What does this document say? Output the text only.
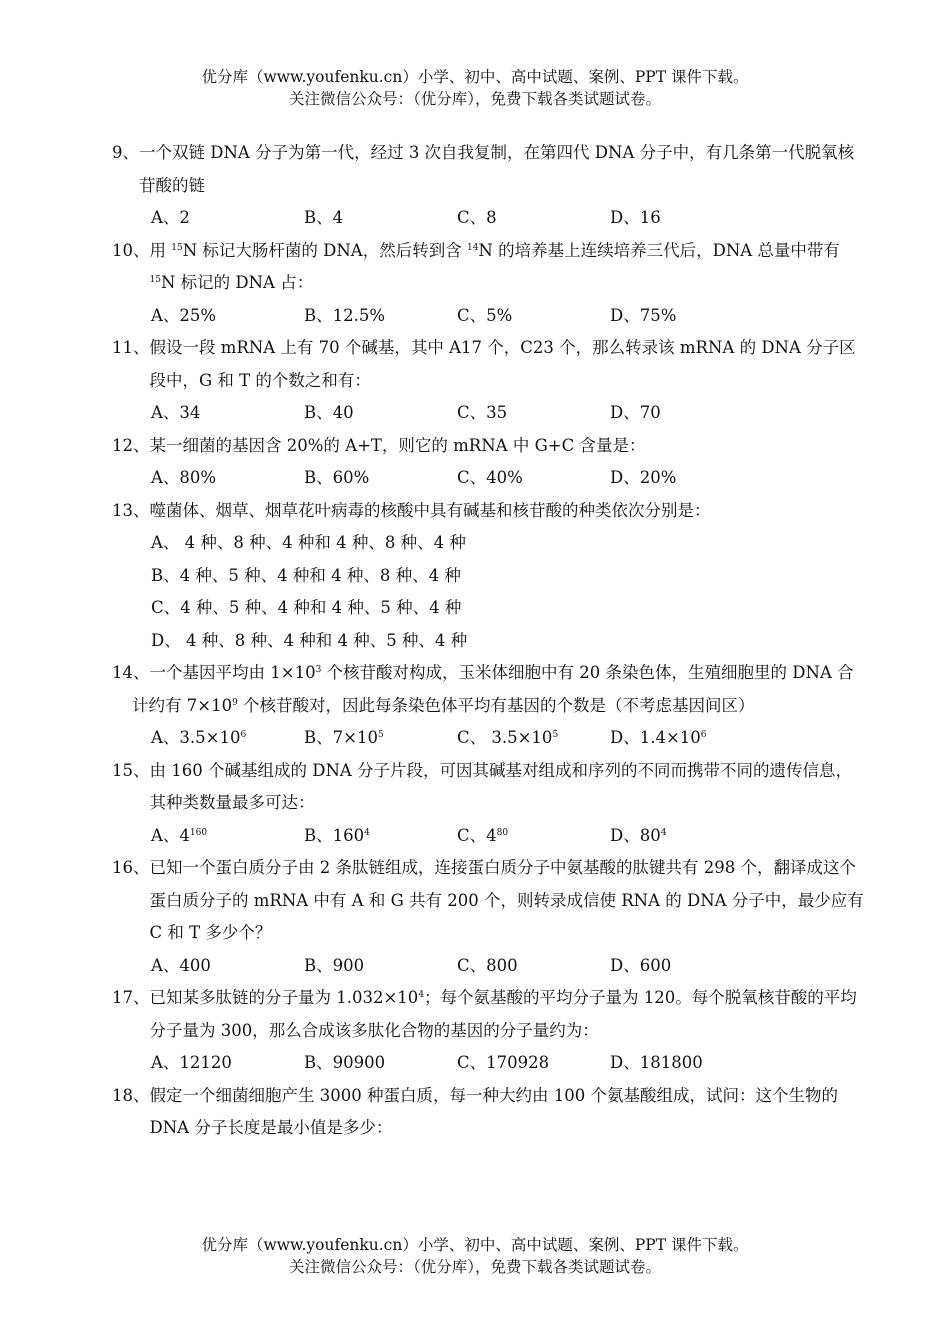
优分库（www.youfenku.cn）小学、初中、高中试题、案例、PPT 课件下载。
关注微信公众号：（优分库），免费下载各类试题试卷。
9、 一个双链 DNA 分子为第一代，经过 3 次自我复制，在第四代 DNA 分子中，有几条第一代脱氧核苷酸的链
A、2	B、4	C、8	D、16
10、 用 $^{15}$N 标记大肠杆菌的 DNA，然后转到含 $^{14}$N 的培养基上连续培养三代后，DNA 总量中带有 $^{15}$N 标记的 DNA 占：
A、25%	B、12.5%	C、5%	D、75%
11、 假设一段 mRNA 上有 70 个碱基，其中 A17 个，C23 个，那么转录该 mRNA 的 DNA 分子区段中，G 和 T 的个数之和有：
A、34	B、40	C、35	D、70
12、 某一细菌的基因含 20%的 A+T，则它的 mRNA 中 G+C 含量是：
A、80%	B、60%	C、40%	D、20%
13、 噬菌体、烟草、烟草花叶病毒的核酸中具有碱基和核苷酸的种类依次分别是：
A、 4 种、8 种、4 种和 4 种、8 种、4 种
B、4 种、5 种、4 种和 4 种、8 种、4 种
C、4 种、5 种、4 种和 4 种、5 种、4 种
D、 4 种、8 种、4 种和 4 种、5 种、4 种
14、一个基因平均由 $1\times 10^3$ 个核苷酸对构成，玉米体细胞中有 20 条染色体，生殖细胞里的 DNA 合计约有 $7\times 10^9$ 个核苷酸对，因此每条染色体平均有基因的个数是（不考虑基因间区）
A、$3.5\times 10^6$	B、$7\times 10^5$	C、 $3.5\times 10^5$	D、$1.4\times 10^6$
15、 由 160 个碱基组成的 DNA 分子片段，可因其碱基对组成和序列的不同而携带不同的遗传信息，其种类数量最多可达：
A、$4^{160}$	B、$160^4$	C、$4^{80}$	D、$80^4$
16、 已知一个蛋白质分子由 2 条肽链组成，连接蛋白质分子中氨基酸的肽键共有 298 个，翻译成这个蛋白质分子的 mRNA 中有 A 和 G 共有 200 个，则转录成信使 RNA 的 DNA 分子中，最少应有 C 和 T 多少个？
A、400	B、900	C、800	D、600
17、 已知某多肽链的分子量为 $1.032\times 10^4$；每个氨基酸的平均分子量为 120。每个脱氧核苷酸的平均分子量为 300，那么合成该多肽化合物的基因的分子量约为：
A、12120	B、90900	C、170928	D、181800
18、 假定一个细菌细胞产生 3000 种蛋白质，每一种大约由 100 个氨基酸组成，试问：这个生物的 DNA 分子长度是最小值是多少：
优分库（www.youfenku.cn）小学、初中、高中试题、案例、PPT 课件下载。
关注微信公众号：（优分库），免费下载各类试题试卷。
